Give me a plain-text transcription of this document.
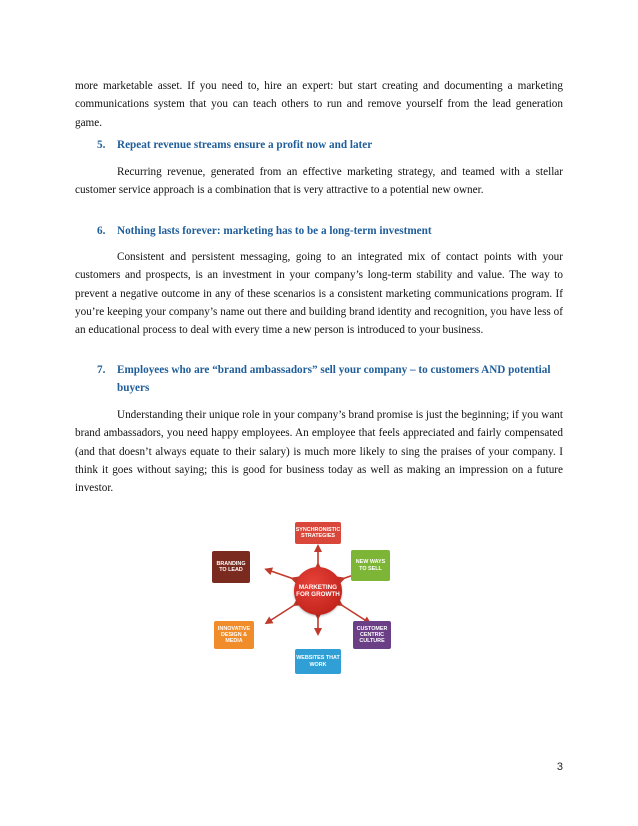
more marketable asset. If you need to, hire an expert: but start creating and documenting a marketing communications system that you can teach others to run and remove yourself from the lead generation game.

5.	Repeat revenue streams ensure a profit now and later

Recurring revenue, generated from an effective marketing strategy, and teamed with a stellar customer service approach is a combination that is very attractive to a potential new owner.

6.	Nothing lasts forever: marketing has to be a long-term investment

Consistent and persistent messaging, going to an integrated mix of contact points with your customers and prospects, is an investment in your company’s long-term stability and value. The way to prevent a negative outcome in any of these scenarios is a consistent marketing communications program. If you’re keeping your company’s name out there and building brand identity and recognition, you have less of an educational process to deal with every time a new person is introduced to your business.

7.	Employees who are “brand ambassadors” sell your company – to customers AND potential buyers

Understanding their unique role in your company’s brand promise is just the beginning; if you want brand ambassadors, you need happy employees. An employee that feels appreciated and fairly compensated (and that doesn’t always equate to their salary) is much more likely to sing the praises of your company. I think it goes without saying; this is good for business today as well as making an impression on a future investor.

MARKETING FOR GROWTH
SYNCHRONISTIC STRATEGIES
BRANDING TO LEAD
NEW WAYS TO SELL
INNOVATIVE DESIGN & MEDIA
CUSTOMER CENTRIC CULTURE
WEBSITES THAT WORK
3
